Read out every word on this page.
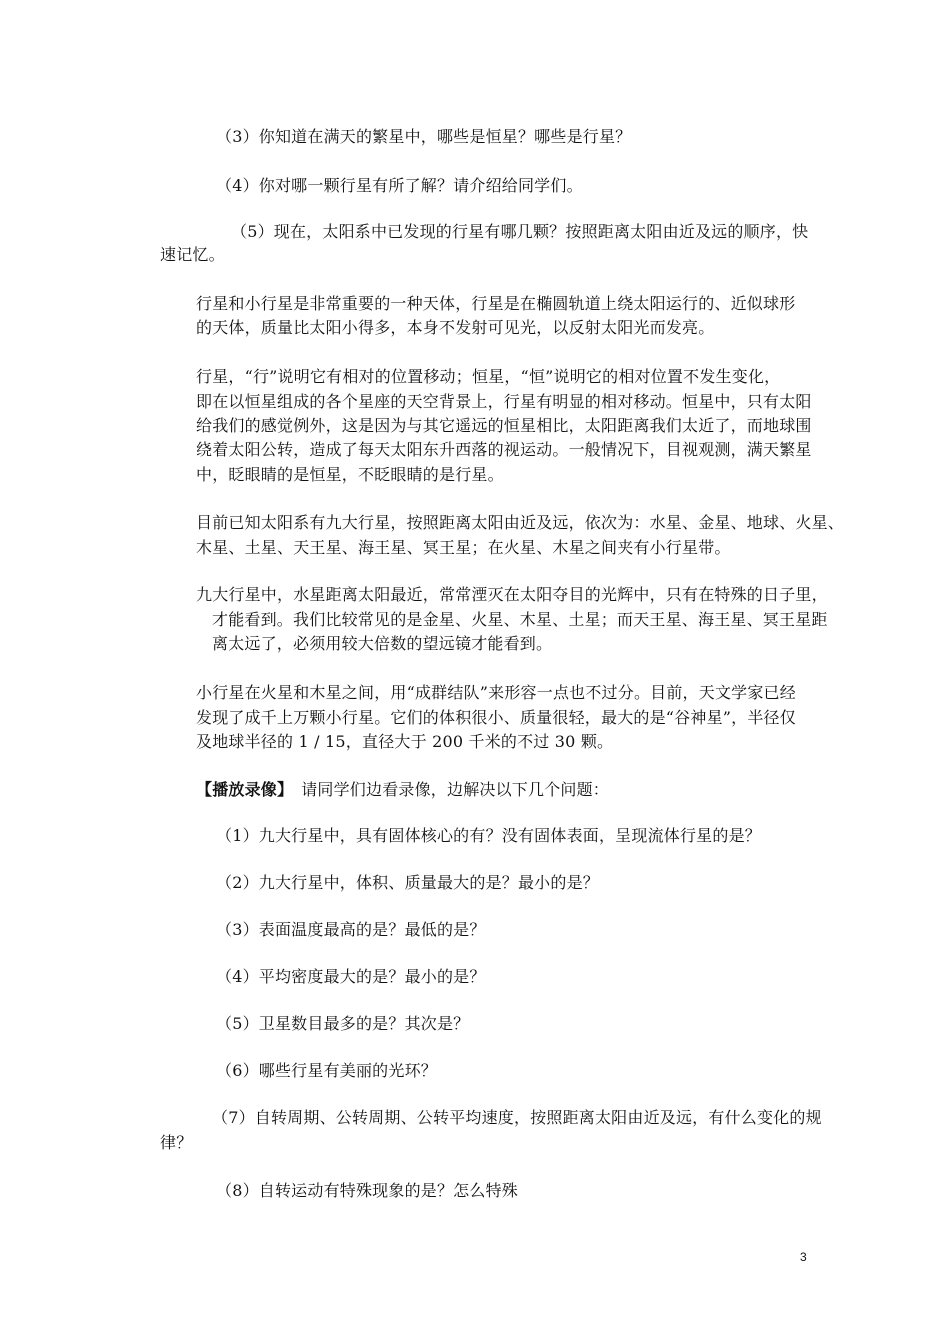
（3）你知道在满天的繁星中，哪些是恒星？哪些是行星？
（4）你对哪一颗行星有所了解？请介绍给同学们。
（5）现在，太阳系中已发现的行星有哪几颗？按照距离太阳由近及远的顺序，快
速记忆。
行星和小行星是非常重要的一种天体，行星是在椭圆轨道上绕太阳运行的、近似球形
的天体，质量比太阳小得多，本身不发射可见光，以反射太阳光而发亮。
行星，“行”说明它有相对的位置移动；恒星，“恒”说明它的相对位置不发生变化，
即在以恒星组成的各个星座的天空背景上，行星有明显的相对移动。恒星中，只有太阳
给我们的感觉例外，这是因为与其它遥远的恒星相比，太阳距离我们太近了，而地球围
绕着太阳公转，造成了每天太阳东升西落的视运动。一般情况下，目视观测，满天繁星
中，眨眼睛的是恒星，不眨眼睛的是行星。
目前已知太阳系有九大行星，按照距离太阳由近及远，依次为：水星、金星、地球、火星、
木星、土星、天王星、海王星、冥王星；在火星、木星之间夹有小行星带。
九大行星中，水星距离太阳最近，常常湮灭在太阳夺目的光辉中，只有在特殊的日子里，
才能看到。我们比较常见的是金星、火星、木星、土星；而天王星、海王星、冥王星距
离太远了，必须用较大倍数的望远镜才能看到。
小行星在火星和木星之间，用“成群结队”来形容一点也不过分。目前，天文学家已经
发现了成千上万颗小行星。它们的体积很小、质量很轻，最大的是“谷神星”，半径仅
及地球半径的 1 / 15，直径大于 200 千米的不过 30 颗。
【播放录像】 请同学们边看录像，边解决以下几个问题：
（1）九大行星中，具有固体核心的有？没有固体表面，呈现流体行星的是？
（2）九大行星中，体积、质量最大的是？最小的是？
（3）表面温度最高的是？最低的是？
（4）平均密度最大的是？最小的是？
（5）卫星数目最多的是？其次是？
（6）哪些行星有美丽的光环？
（7）自转周期、公转周期、公转平均速度，按照距离太阳由近及远，有什么变化的规
律？
（8）自转运动有特殊现象的是？怎么特殊
3
